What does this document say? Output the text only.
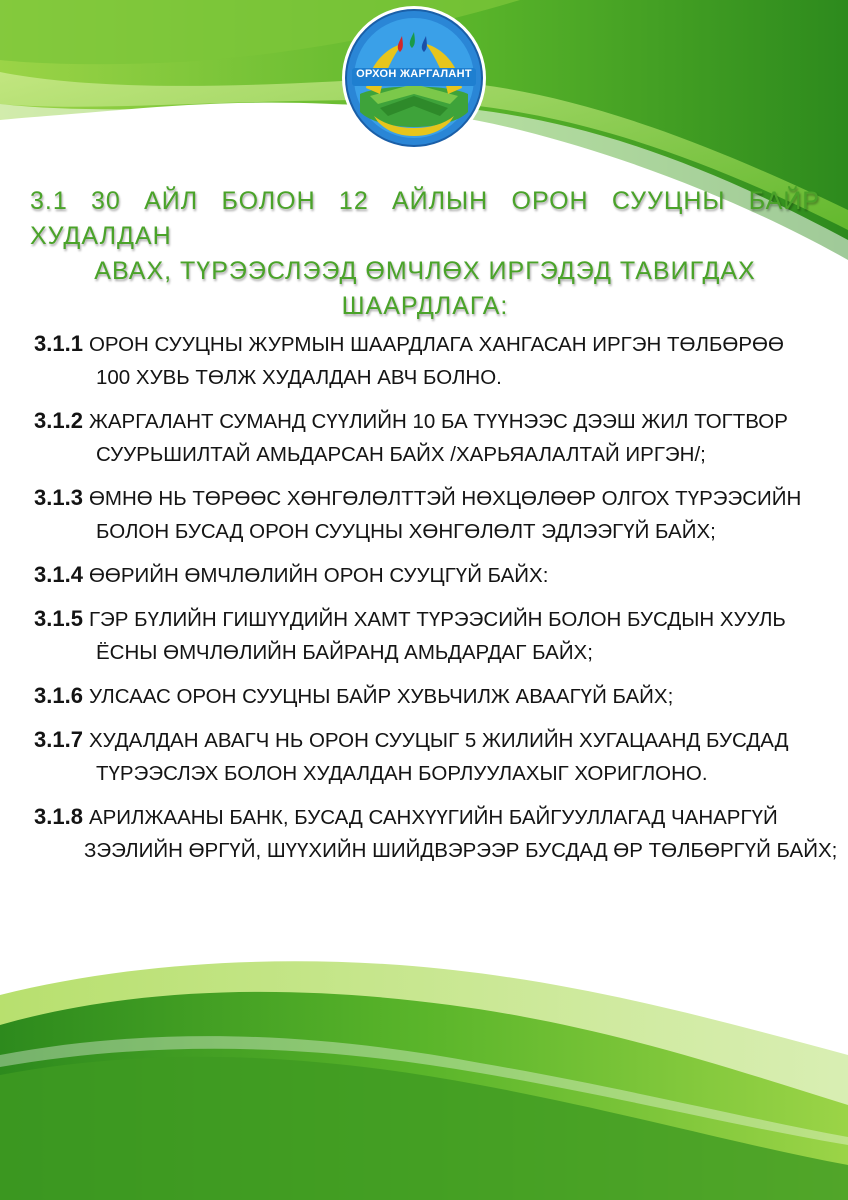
ОРХОН ЖАРГАЛАНТ
3.1 30 АЙЛ БОЛОН 12 АЙЛЫН ОРОН СУУЦНЫ БАЙР ХУДАЛДАН
АВАХ, ТҮРЭЭСЛЭЭД ӨМЧЛӨХ ИРГЭДЭД ТАВИГДАХ ШААРДЛАГА:
3.1.1 ОРОН СУУЦНЫ ЖУРМЫН ШААРДЛАГА ХАНГАСАН ИРГЭН ТӨЛБӨРӨӨ
100 ХУВЬ ТӨЛЖ ХУДАЛДАН АВЧ БОЛНО.
3.1.2 ЖАРГАЛАНТ СУМАНД СҮҮЛИЙН 10 БА ТҮҮНЭЭС ДЭЭШ ЖИЛ ТОГТВОР
СУУРЬШИЛТАЙ АМЬДАРСАН БАЙХ /ХАРЬЯАЛАЛТАЙ ИРГЭН/;
3.1.3 ӨМНӨ НЬ ТӨРӨӨС ХӨНГӨЛӨЛТТЭЙ НӨХЦӨЛӨӨР ОЛГОХ ТҮРЭЭСИЙН
БОЛОН БУСАД ОРОН СУУЦНЫ ХӨНГӨЛӨЛТ ЭДЛЭЭГҮЙ БАЙХ;
3.1.4 ӨӨРИЙН ӨМЧЛӨЛИЙН ОРОН СУУЦГҮЙ БАЙХ:
3.1.5 ГЭР БҮЛИЙН ГИШҮҮДИЙН ХАМТ ТҮРЭЭСИЙН БОЛОН БУСДЫН ХУУЛЬ
ЁСНЫ ӨМЧЛӨЛИЙН БАЙРАНД АМЬДАРДАГ БАЙХ;
3.1.6 УЛСААС ОРОН СУУЦНЫ БАЙР ХУВЬЧИЛЖ АВААГҮЙ БАЙХ;
3.1.7 ХУДАЛДАН АВАГЧ НЬ ОРОН СУУЦЫГ 5 ЖИЛИЙН ХУГАЦААНД БУСДАД
ТҮРЭЭСЛЭХ БОЛОН ХУДАЛДАН БОРЛУУЛАХЫГ ХОРИГЛОНО.
3.1.8 АРИЛЖААНЫ БАНК, БУСАД САНХҮҮГИЙН БАЙГУУЛЛАГАД ЧАНАРГҮЙ
ЗЭЭЛИЙН ӨРГҮЙ, ШҮҮХИЙН ШИЙДВЭРЭЭР БУСДАД ӨР ТӨЛБӨРГҮЙ БАЙХ;
